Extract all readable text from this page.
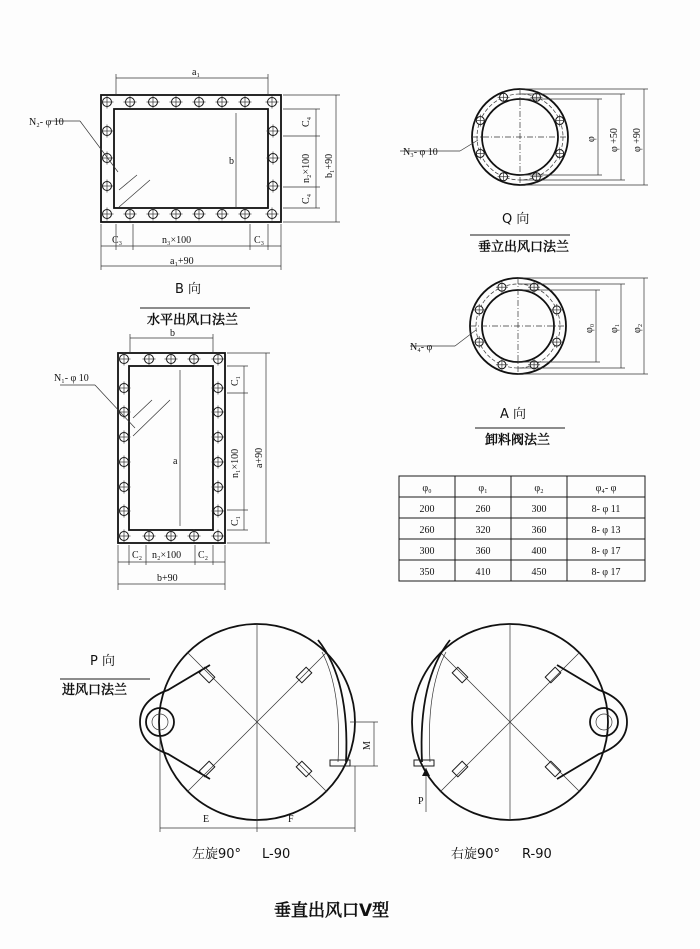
a₁
b
N₂- φ 10
C₃	C₃
n₃×100
a₁+90
C₄
C₄
n₂×100 b₁+90
B 向
水平出风口法兰
b
a
N₁- φ 10
C₂	C₂
n₂×100
b+90
C₁
C₁
n₁×100 a+90
P 向
进风口法兰
φ φ +50 φ +90
N₃- φ 10
Q 向
垂立出风口法兰
φ₀ φ₁ φ₂
N₄- φ
A 向
卸料阀法兰
φ₀	φ₁	φ₂	φ₄- φ
200	260	300	8- φ 11
260	320	360	8- φ 13
300	360	400	8- φ 17
350	410	450	8- φ 17
E	F
M
左旋90° L-90
P
右旋90° R-90
垂直出风口V型
